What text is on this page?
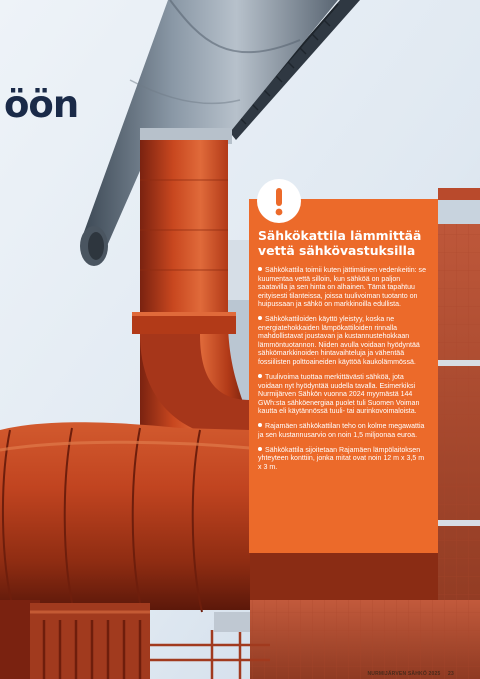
öön

Sähkökattila lämmittää vettä sähkövastuksilla
Sähkökattila toimii kuten jättimäinen vedenkeitin: se kuumentaa vettä silloin, kun sähköä on paljon saatavilla ja sen hinta on alhainen. Tämä tapahtuu erityisesti tilanteissa, joissa tuulivoiman tuotanto on huipussaan ja sähkö on markkinoilla edullista.
Sähkökattiloiden käyttö yleistyy, koska ne energiatehokkaiden lämpökattiloiden rinnalla mahdollistavat joustavan ja kustannustehokkaan lämmöntuotannon. Niiden avulla voidaan hyödyntää sähkömarkkinoiden hintavaihteluja ja vähentää fossiilisten polttoaineiden käyttöä kaukolämmössä.
Tuulivoima tuottaa merkittävästi sähköä, jota voidaan nyt hyödyntää uudella tavalla. Esimerkiksi Nurmijärven Sähkön vuonna 2024 myymästä 144 GWh:sta sähköenergiaa puolet tuli Suomen Voiman kautta eli käytännössä tuuli- tai aurinkovoimaloista.
Rajamäen sähkökattilan teho on kolme megawattia ja sen kustannusarvio on noin 1,5 miljoonaa euroa.
Sähkökattila sijoitetaan Rajamäen lämpölaitoksen yhteyteen konttiin, jonka mitat ovat noin 12 m x 3,5 m x 3 m.
NURMIJÄRVEN SÄHKÖ 2025 23
